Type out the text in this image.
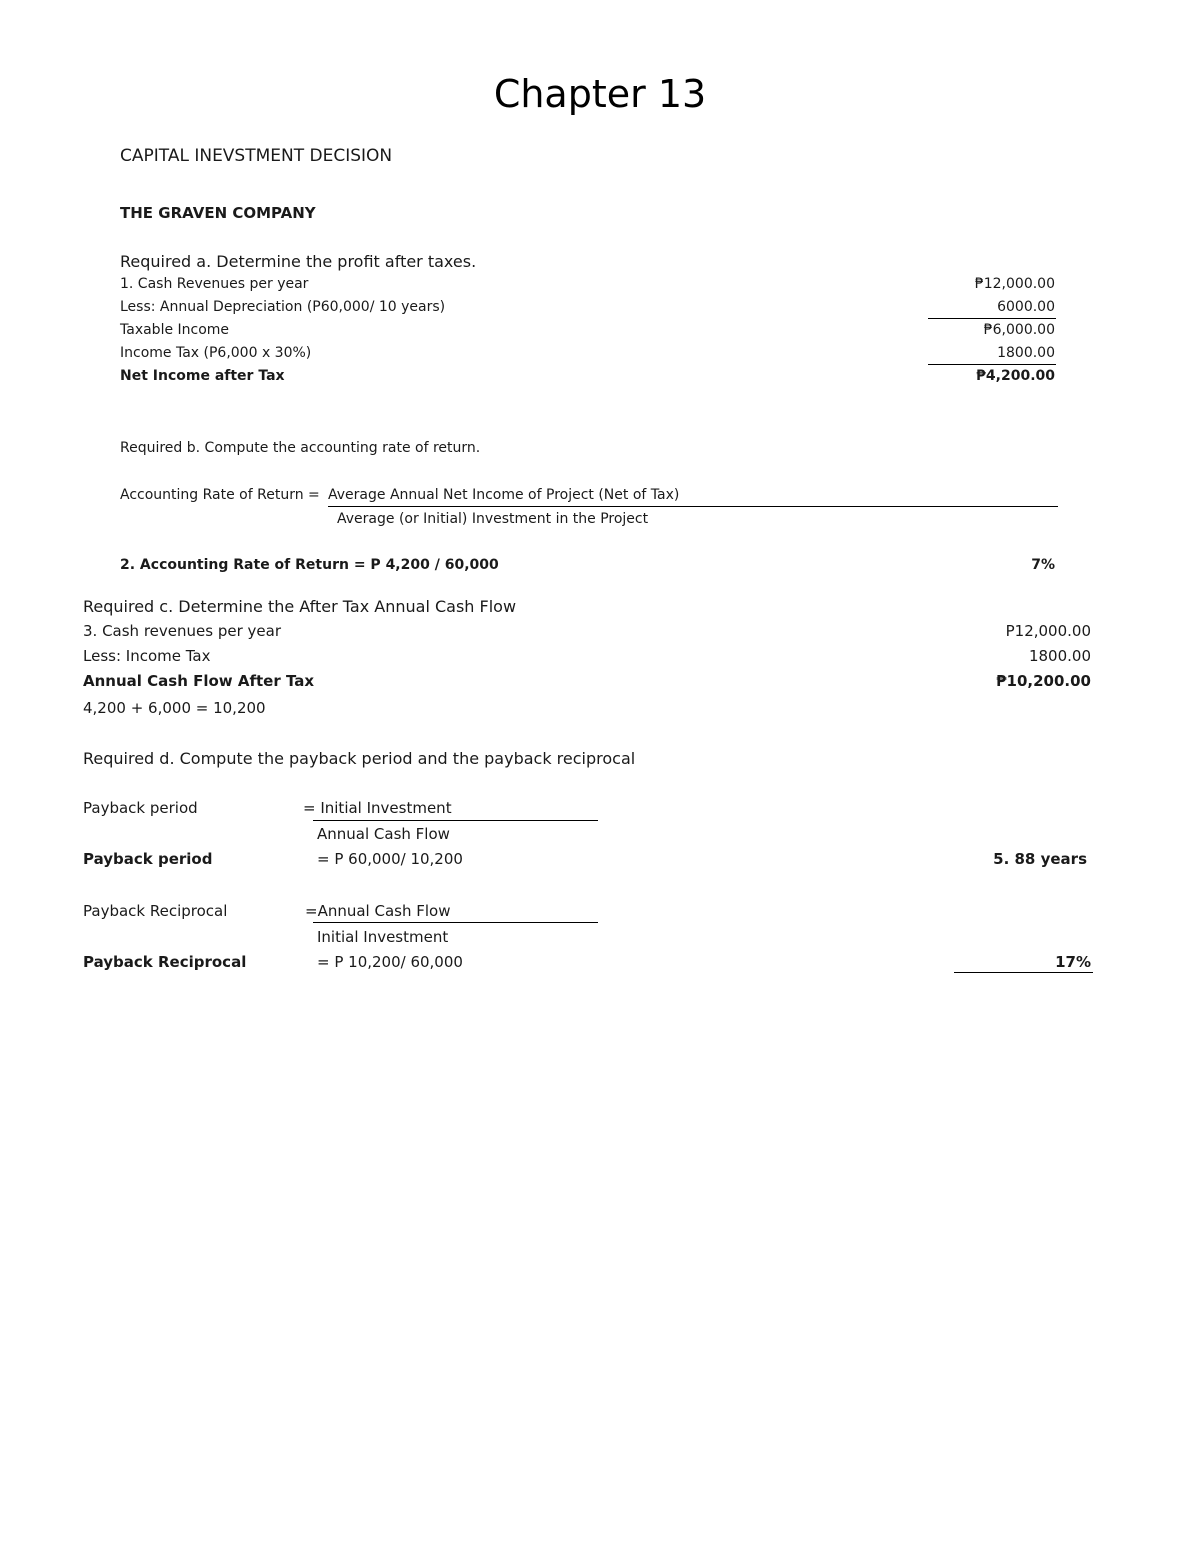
Chapter 13
CAPITAL INEVSTMENT DECISION
THE GRAVEN COMPANY
Required a. Determine the profit after taxes.
1. Cash Revenues per year	₱12,000.00
Less: Annual Depreciation (P60,000/ 10 years)	6000.00
Taxable Income	₱6,000.00
Income Tax (P6,000 x 30%)	1800.00
Net Income after Tax	₱4,200.00
Required b. Compute the accounting rate of return.
Accounting Rate of Return = Average Annual Net Income of Project (Net of Tax)
Average (or Initial) Investment in the Project
2. Accounting Rate of Return = P 4,200 / 60,000	7%
Required c. Determine the After Tax Annual Cash Flow
3. Cash revenues per year	P12,000.00
Less: Income Tax	1800.00
Annual Cash Flow After Tax	₱10,200.00
4,200 + 6,000 = 10,200
Required d. Compute the payback period and the payback reciprocal
Payback period	= Initial Investment
Annual Cash Flow
Payback period	= P 60,000/ 10,200	5. 88 years
Payback Reciprocal	=Annual Cash Flow
Initial Investment
Payback Reciprocal	= P 10,200/ 60,000	17%
